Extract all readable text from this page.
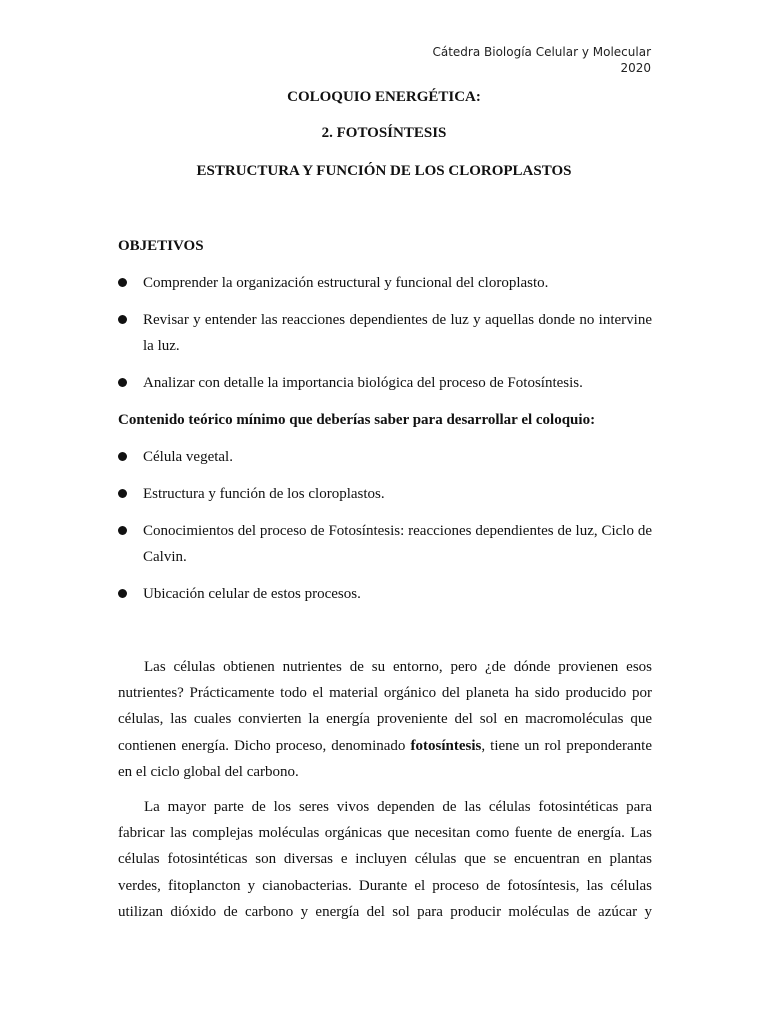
Cátedra Biología Celular y Molecular
2020
COLOQUIO ENERGÉTICA:
2. FOTOSÍNTESIS
ESTRUCTURA Y FUNCIÓN DE LOS CLOROPLASTOS
OBJETIVOS
Comprender la organización estructural y funcional del cloroplasto.
Revisar y entender las reacciones dependientes de luz y aquellas donde no intervine la luz.
Analizar con detalle la importancia biológica del proceso de Fotosíntesis.
Contenido teórico mínimo que deberías saber para desarrollar el coloquio:
Célula vegetal.
Estructura y función de los cloroplastos.
Conocimientos del proceso de Fotosíntesis: reacciones dependientes de luz, Ciclo de Calvin.
Ubicación celular de estos procesos.
Las células obtienen nutrientes de su entorno, pero ¿de dónde provienen esos nutrientes? Prácticamente todo el material orgánico del planeta ha sido producido por células, las cuales convierten la energía proveniente del sol en macromoléculas que contienen energía. Dicho proceso, denominado fotosíntesis, tiene un rol preponderante en el ciclo global del carbono.
La mayor parte de los seres vivos dependen de las células fotosintéticas para fabricar las complejas moléculas orgánicas que necesitan como fuente de energía. Las células fotosintéticas son diversas e incluyen células que se encuentran en plantas verdes, fitoplancton y cianobacterias. Durante el proceso de fotosíntesis, las células utilizan dióxido de carbono y energía del sol para producir moléculas de azúcar y
